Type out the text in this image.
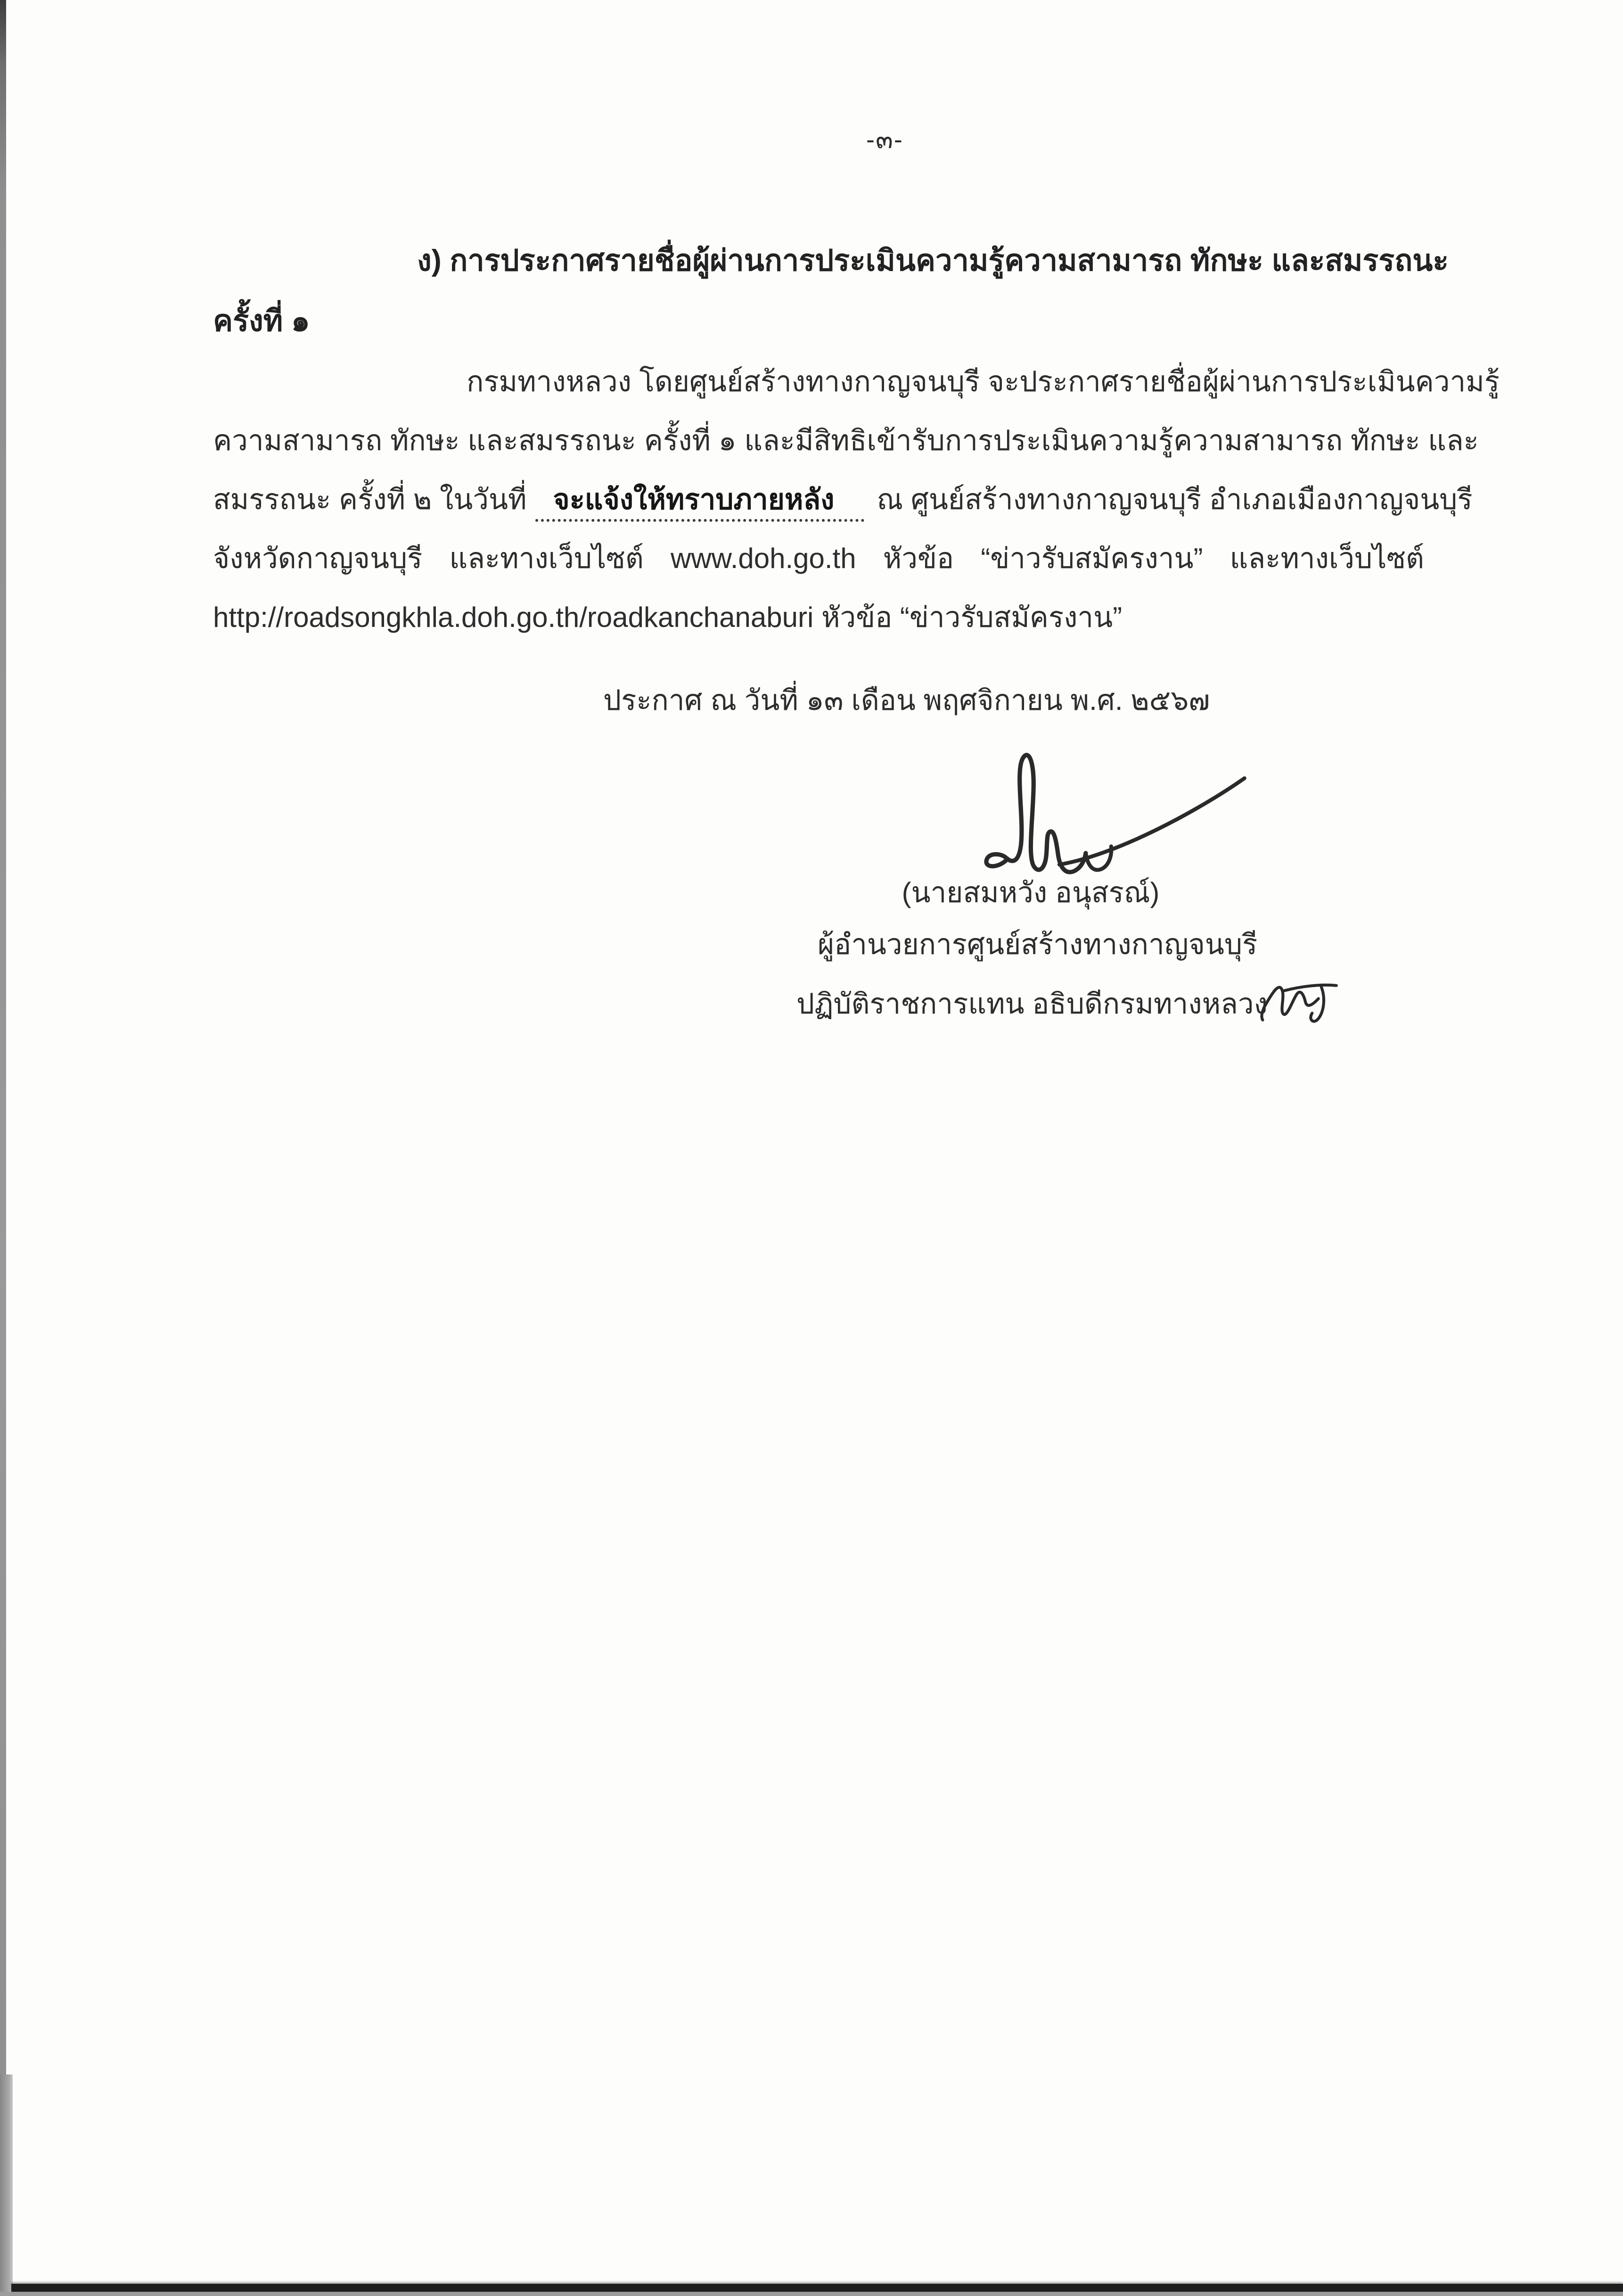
-๓-
ง) การประกาศรายชื่อผู้ผ่านการประเมินความรู้ความสามารถ ทักษะ และสมรรถนะ
ครั้งที่ ๑
กรมทางหลวง โดยศูนย์สร้างทางกาญจนบุรี จะประกาศรายชื่อผู้ผ่านการประเมินความรู้
ความสามารถ ทักษะ และสมรรถนะ ครั้งที่ ๑ และมีสิทธิเข้ารับการประเมินความรู้ความสามารถ ทักษะ และ
สมรรถนะ ครั้งที่ ๒ ในวันที่ จะแจ้งให้ทราบภายหลัง ณ ศูนย์สร้างทางกาญจนบุรี อำเภอเมืองกาญจนบุรี
จังหวัดกาญจนบุรี และทางเว็บไซต์ www.doh.go.th หัวข้อ “ข่าวรับสมัครงาน” และทางเว็บไซต์
http://roadsongkhla.doh.go.th/roadkanchanaburi หัวข้อ “ข่าวรับสมัครงาน”
ประกาศ ณ วันที่ ๑๓ เดือน พฤศจิกายน พ.ศ. ๒๕๖๗
(นายสมหวัง อนุสรณ์)
ผู้อำนวยการศูนย์สร้างทางกาญจนบุรี
ปฏิบัติราชการแทน อธิบดีกรมทางหลวง
